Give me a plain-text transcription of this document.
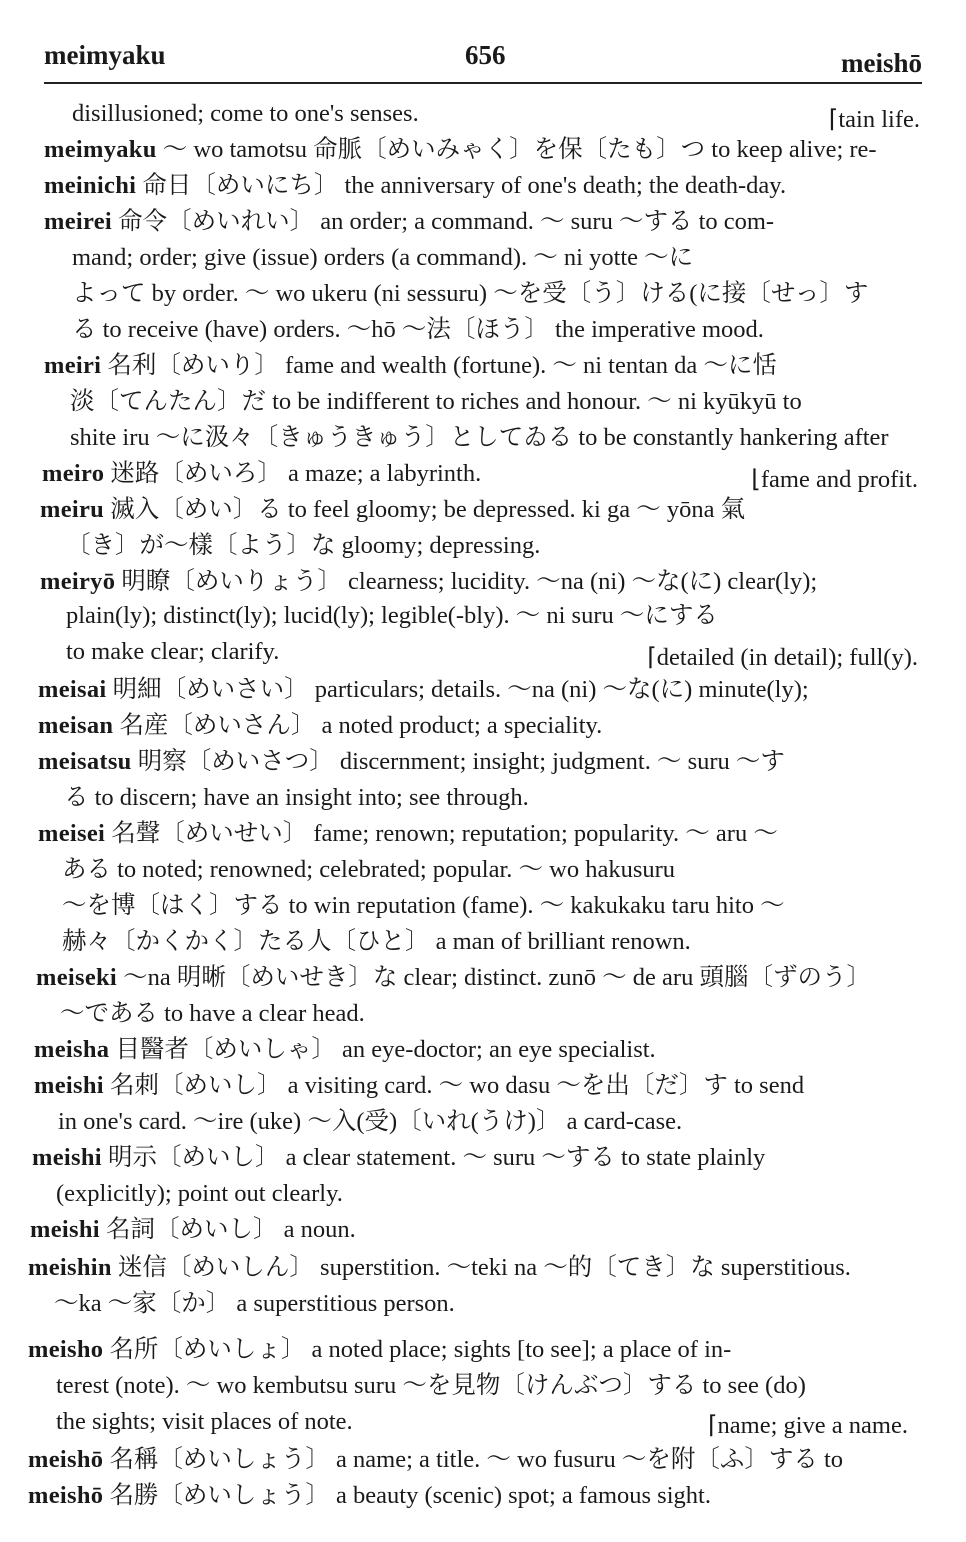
meimyaku	656	meishō
disillusioned; come to one's senses.	⌈tain life.
meimyaku ～ wo tamotsu 命脈〔めいみゃく〕を保〔たも〕つ to keep alive; re-
meinichi 命日〔めいにち〕 the anniversary of one's death; the death-day.
meirei 命令〔めいれい〕 an order; a command. ～ suru ～する to com-
mand; order; give (issue) orders (a command). ～ ni yotte ～に
よって by order. ～ wo ukeru (ni sessuru) ～を受〔う〕ける(に接〔せっ〕す
る to receive (have) orders. ～hō ～法〔ほう〕 the imperative mood.
meiri 名利〔めいり〕 fame and wealth (fortune). ～ ni tentan da ～に恬
淡〔てんたん〕だ to be indifferent to riches and honour. ～ ni kyūkyū to
shite iru ～に汲々〔きゅうきゅう〕としてゐる to be constantly hankering after
meiro 迷路〔めいろ〕 a maze; a labyrinth.	⌊fame and profit.
meiru 滅入〔めい〕る to feel gloomy; be depressed. ki ga ～ yōna 氣
〔き〕が～樣〔よう〕な gloomy; depressing.
meiryō 明瞭〔めいりょう〕 clearness; lucidity. ～na (ni) ～な(に) clear(ly);
plain(ly); distinct(ly); lucid(ly); legible(-bly). ～ ni suru ～にする
to make clear; clarify.	⌈detailed (in detail); full(y).
meisai 明細〔めいさい〕 particulars; details. ～na (ni) ～な(に) minute(ly);
meisan 名産〔めいさん〕 a noted product; a speciality.
meisatsu 明察〔めいさつ〕 discernment; insight; judgment. ～ suru ～す
る to discern; have an insight into; see through.
meisei 名聲〔めいせい〕 fame; renown; reputation; popularity. ～ aru ～
ある to noted; renowned; celebrated; popular. ～ wo hakusuru
～を博〔はく〕する to win reputation (fame). ～ kakukaku taru hito ～
赫々〔かくかく〕たる人〔ひと〕 a man of brilliant renown.
meiseki ～na 明晰〔めいせき〕な clear; distinct. zunō ～ de aru 頭腦〔ずのう〕
～である to have a clear head.
meisha 目醫者〔めいしゃ〕 an eye-doctor; an eye specialist.
meishi 名刺〔めいし〕 a visiting card. ～ wo dasu ～を出〔だ〕す to send
in one's card. ～ire (uke) ～入(受)〔いれ(うけ)〕 a card-case.
meishi 明示〔めいし〕 a clear statement. ～ suru ～する to state plainly
(explicitly); point out clearly.
meishi 名詞〔めいし〕 a noun.
meishin 迷信〔めいしん〕 superstition. ～teki na ～的〔てき〕な superstitious.
～ka ～家〔か〕 a superstitious person.
meisho 名所〔めいしょ〕 a noted place; sights [to see]; a place of in-
terest (note). ～ wo kembutsu suru ～を見物〔けんぶつ〕する to see (do)
the sights; visit places of note.	⌈name; give a name.
meishō 名稱〔めいしょう〕 a name; a title. ～ wo fusuru ～を附〔ふ〕する to
meishō 名勝〔めいしょう〕 a beauty (scenic) spot; a famous sight.
